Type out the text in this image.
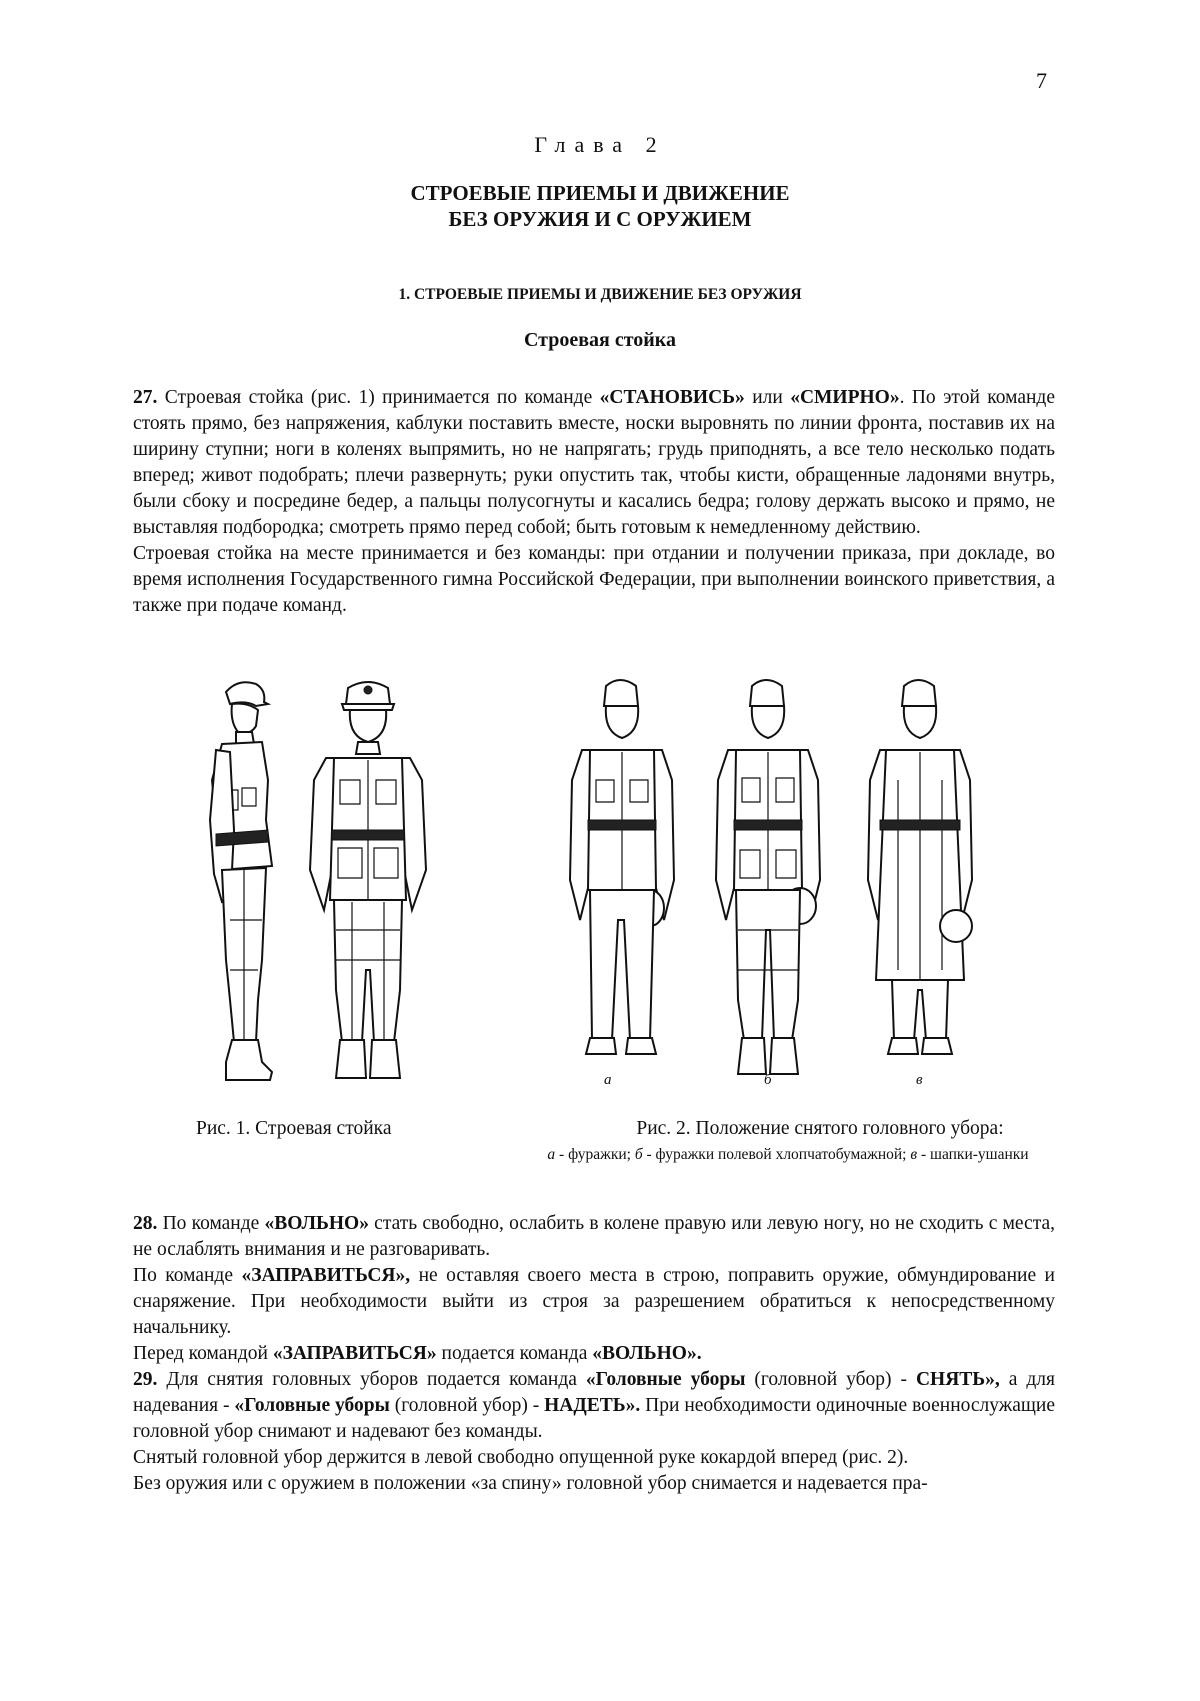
7
Глава 2
СТРОЕВЫЕ ПРИЕМЫ И ДВИЖЕНИЕ
БЕЗ ОРУЖИЯ И С ОРУЖИЕМ
1. СТРОЕВЫЕ ПРИЕМЫ И ДВИЖЕНИЕ БЕЗ ОРУЖИЯ
Строевая стойка

27. Строевая стойка (рис. 1) принимается по команде «СТАНОВИСЬ» или «СМИРНО». По этой команде стоять прямо, без напряжения, каблуки поставить вместе, носки выровнять по линии фронта, поставив их на ширину ступни; ноги в коленях выпрямить, но не напрягать; грудь приподнять, а все тело несколько подать вперед; живот подобрать; плечи развернуть; руки опустить так, чтобы кисти, обращенные ладонями внутрь, были сбоку и посредине бедер, а пальцы полусогнуты и касались бедра; голову держать высоко и прямо, не выставляя подбородка; смотреть прямо перед собой; быть готовым к немедленному действию.

Строевая стойка на месте принимается и без команды: при отдании и получении приказа, при докладе, во время исполнения Государственного гимна Российской Федерации, при выполнении воинского приветствия, а также при подаче команд.

а	б	в
Рис. 1. Строевая стойка	Рис. 2. Положение снятого головного убора:
а - фуражки; б - фуражки полевой хлопчатобумажной; в - шапки-ушанки

28. По команде «ВОЛЬНО» стать свободно, ослабить в колене правую или левую ногу, но не сходить с места, не ослаблять внимания и не разговаривать.

По команде «ЗАПРАВИТЬСЯ», не оставляя своего места в строю, поправить оружие, обмундирование и снаряжение. При необходимости выйти из строя за разрешением обратиться к непосредственному начальнику.

Перед командой «ЗАПРАВИТЬСЯ» подается команда «ВОЛЬНО».

29. Для снятия головных уборов подается команда «Головные уборы (головной убор) - СНЯТЬ», а для надевания - «Головные уборы (головной убор) - НАДЕТЬ». При необходимости одиночные военнослужащие головной убор снимают и надевают без команды.

Снятый головной убор держится в левой свободно опущенной руке кокардой вперед (рис. 2).

Без оружия или с оружием в положении «за спину» головной убор снимается и надевается пра-
